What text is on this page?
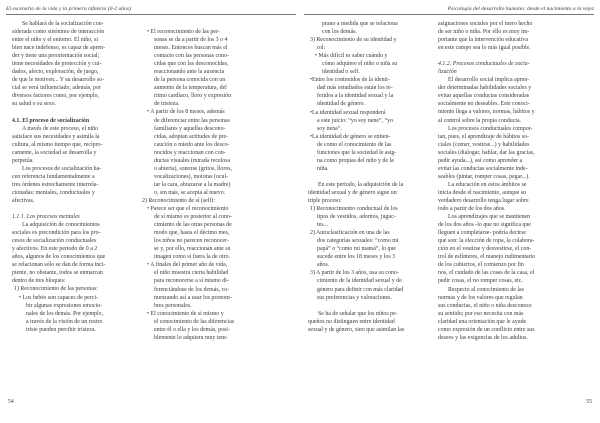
El escenario de la vida y la primera infancia (0-2 años)

Se hablará de la socialización con-

siderada como sinónimo de interacción

entre el niño y el entorno. El niño, si

bien nace indefenso, es capaz de apren-

der y tiene una preorientación social;

tiene necesidades de protección y cui-

dados, afecto, exploración, de juego,

de que le motiven... Y su desarrollo so-

cial se verá influenciado, además, por

diversos factores como, por ejemplo,

su salud o su sexo.

4.1. El proceso de socialización

A través de este proceso, el niño

satisface sus necesidades y asimila la

cultura, al mismo tiempo que, recípro-

camente, la sociedad se desarrolla y

perpetúa.

Los procesos de socialización ha-

cen referencia fundamentalmente a

tres órdenes estrechamente interrela-

cionadas: mentales, conductuales y

afectivas.

1.1.1. Los procesos mentales

La adquisición de conocimientos

sociales es precondición para los pro-

cesos de socialización conductuales

y afectivos. En este periodo de 0 a 2

años, algunos de los conocimientos que

se relacionan sólo se dan de forma inci-

piente, no obstante, todos se enmarcan

dentro de tres bloques:

1) Reconocimiento de las personas:

• Los bebés son capaces de perci-

bir algunas expresiones emocio-

nales de los demás. Por ejemplo,

a través de la visión de un rostro

triste pueden percibir tristeza.

• El reconocimiento de las per-

sonas se da a partir de los 3 o 4

meses. Entonces buscan más el

contacto con las personas cono-

cidas que con las desconocidas,

reaccionando ante la ausencia

de la persona conocida con un

aumento de la temperatura, del

ritmo cardíaco, lloro y expresión

de tristeza.

• A partir de los 8 meses, además

de diferenciar entre las personas

familiares y aquellas descono-

cidas, adoptan actitudes de pre-

caución o miedo ante los desco-

nocidos y reaccionan con con-

ductas visuales (mirada recelosa

o abierta), sonoras (gritos, lloros,

vocalizaciones), motoras (ocul-

tar la cara, abrazarse a la madre)

o, sin más, se acepta al nuevo.

2) Reconocimiento de sí (self):

• Parece ser que el reconocimiento

de sí mismo es posterior al cono-

cimiento de las otras personas de

modo que, hasta el décimo mes,

los niños no parecen reconocer-

se y, por ello, reaccionan ante su

imagen como si fuera la de otro.

• A finales del primer año de vida,

el niño muestra cierta habilidad

para reconocerse a sí mismo di-

ferenciándose de los demás, co-

menzando así a usar los pronom-

bres personales.

• El conocimiento de sí mismo y

el conocimiento de las diferencias

entre él o ella y los demás, posi-

blemente lo adquiera muy tem-

54
Psicología del desarrollo humano: desde el nacimiento a la vejez

prano a medida que se relaciona

con los demás.

3) Reconocimiento de su identidad y

rol:

• Más difícil es saber cuándo y

cómo adquiere el niño o niña su

identidad o self.

•Entre los contenidos de la identi-

dad más estudiados están los re-

feridos a la identidad sexual y la

identidad de género.

•La identidad sexual responderá

a este juicio: “yo soy nene”, “yo

soy nena”.

•La identidad de género se entien-

de como el conocimiento de las

funciones que la sociedad le asig-

na como propias del niño y de la

niña.

En este periodo, la adquisición de la

identidad sexual y de género sigue un

triple proceso:

1) Reconocimiento conductual de los

tipos de vestidos, adornos, juguc-

tes...

2) Autoclasificación en una de las

dos categorías sexuales: “como mi

papá” o “como mi mamá”, lo que

sucede entre los 18 meses y los 3

años.

3) A partir de los 3 años, usa su cono-

cimiento de la identidad sexual y de

género para definir con más claridad

sus preferencias y valoraciones.

Se ha de señalar que los niños pe-

queños no distinguen entre identidad

sexual y de género, sino que asimilan las

asignaciones sociales por el mero hecho

de ser niño o niña. Por ello es muy im-

portante que la intervención educativa

en este campo sea lo más igual posible.

4.1.2. Procesos conductuales de socia-

lización

El desarrollo social implica apren-

der determinadas habilidades sociales y

evitar aquellas conductas consideradas

socialmente no deseables. Este conoci-

miento llega a valores, normas, hábitos y

al control sobre la propia conducta.

Los procesos conductuales compor-

tan, pues, el aprendizaje de hábitos so-

ciales (comer, vestirse...) y habilidades

sociales (dialogar, hablar, dar las gracias,

pedir ayuda...), así como aprender a

evitar las conductas socialmente inde-

seables (pintar, romper cosas, pegar...).

La educación en estos ámbitos se

inicia desde el nacimiento, aunque su

verdadero desarrollo tenga lugar sobre

todo a partir de los dos años.

Los aprendizajes que se mantienen

de los dos años -lo que no significa que

lleguen a completarse- podría decirse

que son: la elección de ropa, la colabora-

ción en el vestirse y desvestirse, el con-

trol de esfínteres, el manejo rudimentario

de los cubiertos, el comienzo por fin

nos, el cuidado de las cosas de la casa, el

pedir cosas, el no romper cosas, etc.

Respecto al conocimiento de las

normas y de los valores que regulan

sus conductas, el niño o niña desconoce

su sentido; por eso necesita con más

claridad una orientación que le ayude

como expresión de un conflicto entre sus

deseos y las exigencias de los adultos.

55
